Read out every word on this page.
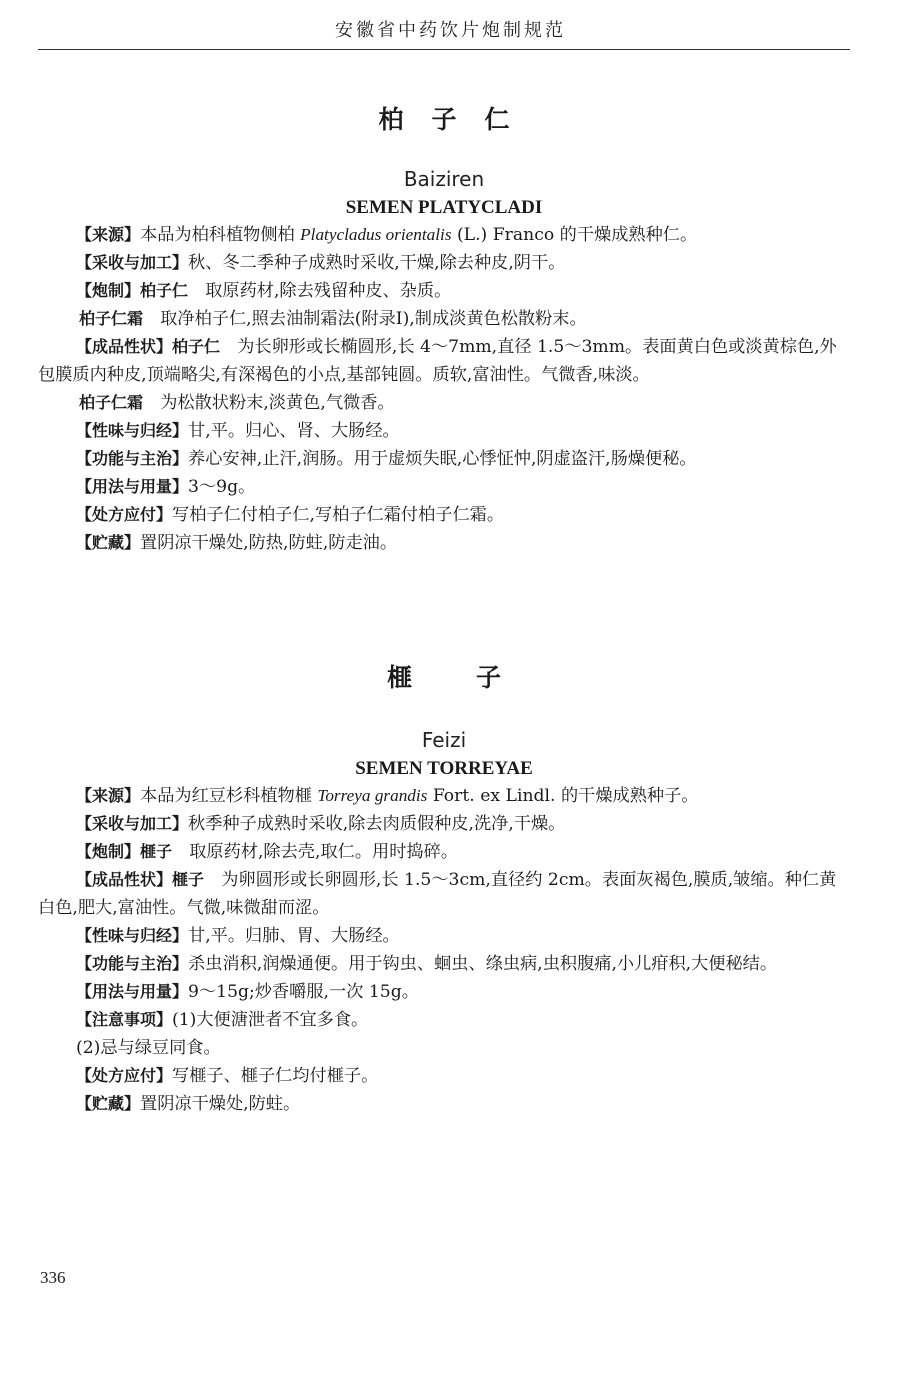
安徽省中药饮片炮制规范
柏子仁
Baiziren
SEMEN PLATYCLADI

【来源】本品为柏科植物侧柏 Platycladus orientalis (L.) Franco 的干燥成熟种仁。

【采收与加工】秋、冬二季种子成熟时采收,干燥,除去种皮,阴干。

【炮制】柏子仁　取原药材,除去残留种皮、杂质。

柏子仁霜　取净柏子仁,照去油制霜法(附录Ⅰ),制成淡黄色松散粉末。

【成品性状】柏子仁　为长卵形或长椭圆形,长 4～7mm,直径 1.5～3mm。表面黄白色或淡黄棕色,外包膜质内种皮,顶端略尖,有深褐色的小点,基部钝圆。质软,富油性。气微香,味淡。

柏子仁霜　为松散状粉末,淡黄色,气微香。

【性味与归经】甘,平。归心、肾、大肠经。

【功能与主治】养心安神,止汗,润肠。用于虚烦失眠,心悸怔忡,阴虚盗汗,肠燥便秘。

【用法与用量】3～9g。

【处方应付】写柏子仁付柏子仁,写柏子仁霜付柏子仁霜。

【贮藏】置阴凉干燥处,防热,防蛀,防走油。

榧子
Feizi
SEMEN TORREYAE

【来源】本品为红豆杉科植物榧 Torreya grandis Fort. ex Lindl. 的干燥成熟种子。

【采收与加工】秋季种子成熟时采收,除去肉质假种皮,洗净,干燥。

【炮制】榧子　取原药材,除去壳,取仁。用时捣碎。

【成品性状】榧子　为卵圆形或长卵圆形,长 1.5～3cm,直径约 2cm。表面灰褐色,膜质,皱缩。种仁黄白色,肥大,富油性。气微,味微甜而涩。

【性味与归经】甘,平。归肺、胃、大肠经。

【功能与主治】杀虫消积,润燥通便。用于钩虫、蛔虫、绦虫病,虫积腹痛,小儿疳积,大便秘结。

【用法与用量】9～15g;炒香嚼服,一次 15g。

【注意事项】(1)大便溏泄者不宜多食。

(2)忌与绿豆同食。

【处方应付】写榧子、榧子仁均付榧子。

【贮藏】置阴凉干燥处,防蛀。

336
